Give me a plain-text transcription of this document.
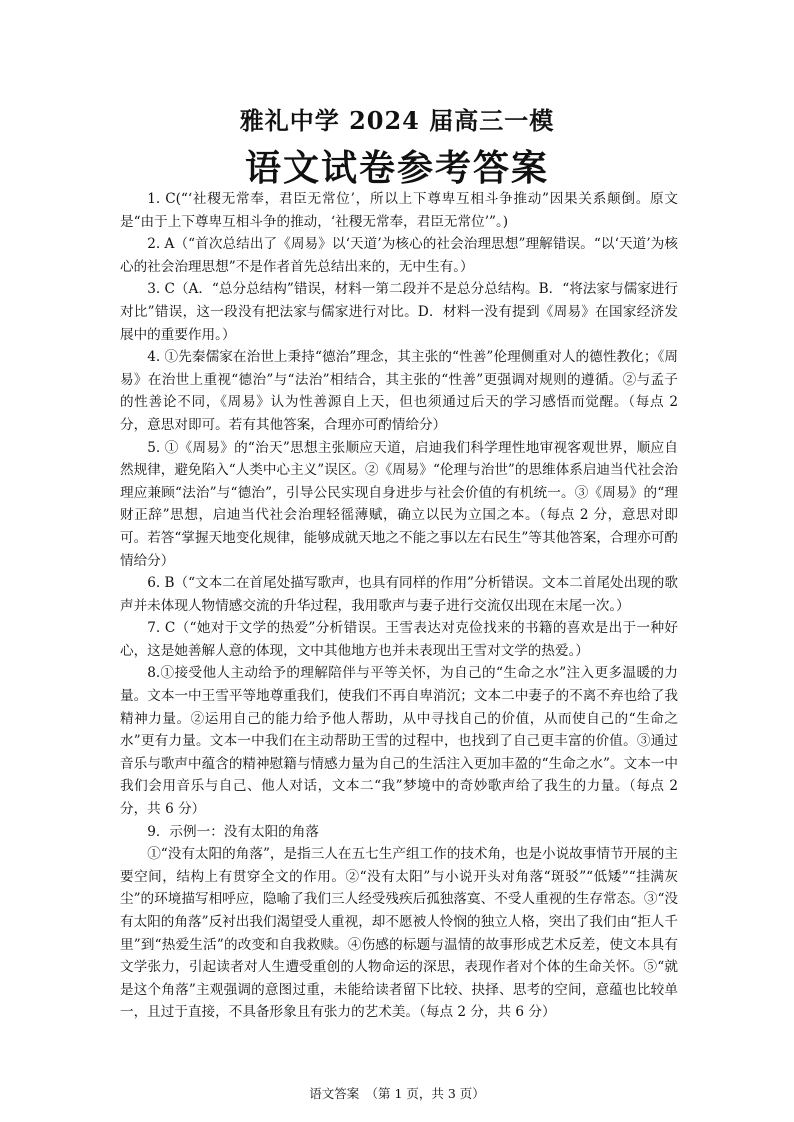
雅礼中学 2024 届高三一模
语文试卷参考答案

1. C(“‘社稷无常奉，君臣无常位’，所以上下尊卑互相斗争推动”因果关系颠倒。原文是“由于上下尊卑互相斗争的推动，‘社稷无常奉，君臣无常位’”。)

2. A（“首次总结出了《周易》以‘天道’为核心的社会治理思想”理解错误。“以‘天道’为核心的社会治理思想”不是作者首先总结出来的，无中生有。）

3. C（A．“总分总结构”错误，材料一第二段并不是总分总结构。B．“将法家与儒家进行对比”错误，这一段没有把法家与儒家进行对比。D．材料一没有提到《周易》在国家经济发展中的重要作用。）

4. ①先秦儒家在治世上秉持“德治”理念，其主张的“性善”伦理侧重对人的德性教化；《周易》在治世上重视“德治”与“法治”相结合，其主张的“性善”更强调对规则的遵循。②与孟子的性善论不同，《周易》认为性善源自上天，但也须通过后天的学习感悟而觉醒。（每点 2 分，意思对即可。若有其他答案，合理亦可酌情给分）

5. ①《周易》的“治天”思想主张顺应天道，启迪我们科学理性地审视客观世界，顺应自然规律，避免陷入“人类中心主义”误区。②《周易》“伦理与治世”的思维体系启迪当代社会治理应兼顾“法治”与“德治”，引导公民实现自身进步与社会价值的有机统一。③《周易》的“理财正辞”思想，启迪当代社会治理轻徭薄赋，确立以民为立国之本。（每点 2 分，意思对即可。若答“掌握天地变化规律，能够成就天地之不能之事以左右民生”等其他答案，合理亦可酌情给分）

6. B（“文本二在首尾处描写歌声，也具有同样的作用”分析错误。文本二首尾处出现的歌声并未体现人物情感交流的升华过程，我用歌声与妻子进行交流仅出现在末尾一次。）

7. C（“她对于文学的热爱”分析错误。王雪表达对克俭找来的书籍的喜欢是出于一种好心，这是她善解人意的体现，文中其他地方也并未表现出王雪对文学的热爱。）

8.①接受他人主动给予的理解陪伴与平等关怀，为自己的“生命之水”注入更多温暖的力量。文本一中王雪平等地尊重我们，使我们不再自卑消沉；文本二中妻子的不离不弃也给了我精神力量。②运用自己的能力给予他人帮助，从中寻找自己的价值，从而使自己的“生命之水”更有力量。文本一中我们在主动帮助王雪的过程中，也找到了自己更丰富的价值。③通过音乐与歌声中蕴含的精神慰籍与情感力量为自己的生活注入更加丰盈的“生命之水”。文本一中我们会用音乐与自己、他人对话，文本二“我”梦境中的奇妙歌声给了我生的力量。（每点 2 分，共 6 分）

9．示例一：没有太阳的角落

①“没有太阳的角落”，是指三人在五七生产组工作的技术角，也是小说故事情节开展的主要空间，结构上有贯穿全文的作用。②“没有太阳”与小说开头对角落“斑驳”“低矮”“挂满灰尘”的环境描写相呼应，隐喻了我们三人经受残疾后孤独落寞、不受人重视的生存常态。③“没有太阳的角落”反衬出我们渴望受人重视，却不愿被人怜悯的独立人格，突出了我们由“拒人千里”到“热爱生活”的改变和自我救赎。④伤感的标题与温情的故事形成艺术反差，使文本具有文学张力，引起读者对人生遭受重创的人物命运的深思，表现作者对个体的生命关怀。⑤“就是这个角落”主观强调的意图过重，未能给读者留下比较、抉择、思考的空间，意蕴也比较单一，且过于直接，不具备形象且有张力的艺术美。（每点 2 分，共 6 分）

语文答案　（第 1 页，共 3 页）
